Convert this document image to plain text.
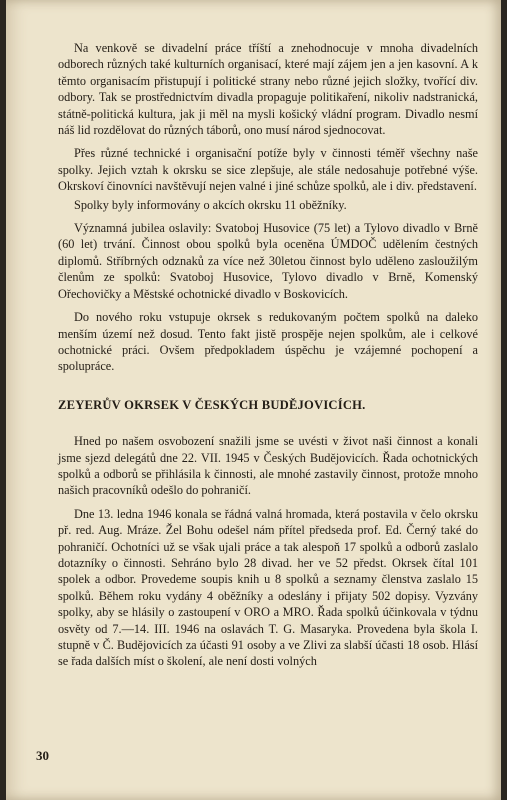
Na venkově se divadelní práce tříští a znehodnocuje v mnoha divadelních odborech různých také kulturních organisací, které mají zájem jen a jen kasovní. A k těmto organisacím přistupují i politické strany nebo různé jejich složky, tvořící div. odbory. Tak se prostřednictvím divadla propaguje politikaření, nikoliv nadstranická, státně-politická kultura, jak ji měl na mysli košický vládní program. Divadlo nesmí náš lid rozdělovat do různých táborů, ono musí národ sjednocovat.

Přes různé technické i organisační potíže byly v činnosti téměř všechny naše spolky. Jejich vztah k okrsku se sice zlepšuje, ale stále nedosahuje potřebné výše. Okrskoví činovníci navštěvují nejen valné i jiné schůze spolků, ale i div. představení.

Spolky byly informovány o akcích okrsku 11 oběžníky.

Významná jubilea oslavily: Svatoboj Husovice (75 let) a Tylovo divadlo v Brně (60 let) trvání. Činnost obou spolků byla oceněna ÚMDOČ udělením čestných diplomů. Stříbrných odznaků za více než 30letou činnost bylo uděleno zasloužilým členům ze spolků: Svatoboj Husovice, Tylovo divadlo v Brně, Komenský Ořechovičky a Městské ochotnické divadlo v Boskovicích.

Do nového roku vstupuje okrsek s redukovaným počtem spolků na daleko menším území než dosud. Tento fakt jistě prospěje nejen spolkům, ale i celkové ochotnické práci. Ovšem předpokladem úspěchu je vzájemné pochopení a spolupráce.

ZEYERŮV OKRSEK V ČESKÝCH BUDĚJOVICÍCH.

Hned po našem osvobození snažili jsme se uvésti v život naši činnost a konali jsme sjezd delegátů dne 22. VII. 1945 v Českých Budějovicích. Řada ochotnických spolků a odborů se přihlásila k činnosti, ale mnohé zastavily činnost, protože mnoho našich pracovníků odešlo do pohraničí.

Dne 13. ledna 1946 konala se řádná valná hromada, která postavila v čelo okrsku př. red. Aug. Mráze. Žel Bohu odešel nám přítel předseda prof. Ed. Černý také do pohraničí. Ochotníci už se však ujali práce a tak alespoň 17 spolků a odborů zaslalo dotazníky o činnosti. Sehráno bylo 28 divad. her ve 52 předst. Okrsek čítal 101 spolek a odbor. Provedeme soupis knih u 8 spolků a seznamy členstva zaslalo 15 spolků. Během roku vydány 4 oběžníky a odeslány i přijaty 502 dopisy. Vyzvány spolky, aby se hlásily o zastoupení v ORO a MRO. Řada spolků účinkovala v týdnu osvěty od 7.—14. III. 1946 na oslavách T. G. Masaryka. Provedena byla škola I. stupně v Č. Budějovicích za účasti 91 osoby a ve Zlivi za slabší účasti 18 osob. Hlásí se řada dalších míst o školení, ale není dosti volných

30
